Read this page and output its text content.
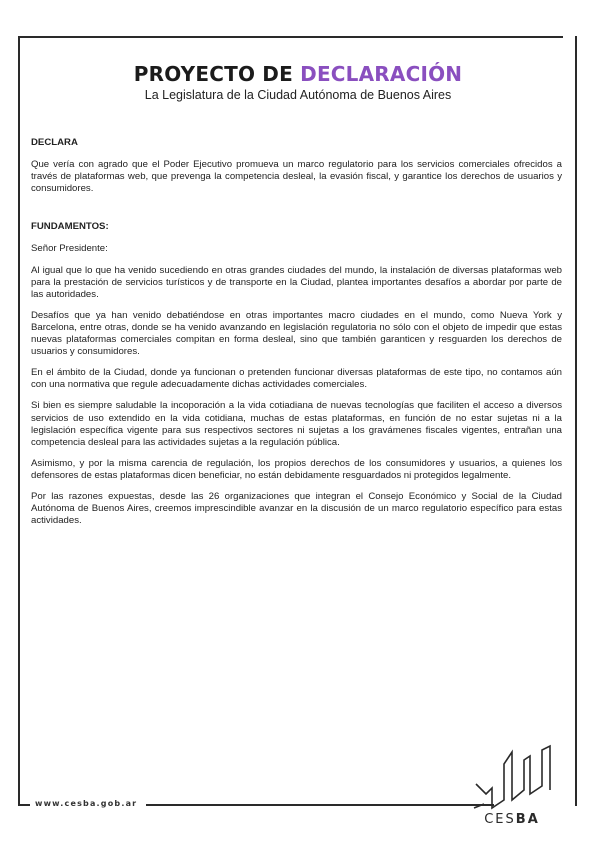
PROYECTO DE DECLARACIÓN
La Legislatura de la Ciudad Autónoma de Buenos Aires
DECLARA

Que vería con agrado que el Poder Ejecutivo promueva un marco regulatorio para los servicios comerciales ofrecidos a través de plataformas web, que prevenga la competencia desleal, la evasión fiscal, y garantice los derechos de usuarios y consumidores.

FUNDAMENTOS:

Señor Presidente:

Al igual que lo que ha venido sucediendo en otras grandes ciudades del mundo, la instalación de diversas plataformas web para la prestación de servicios turísticos y de transporte en la Ciudad, plantea importantes desafíos a abordar por parte de las autoridades.

Desafíos que ya han venido debatiéndose en otras importantes macro ciudades en el mundo, como Nueva York y Barcelona, entre otras, donde se ha venido avanzando en legislación regulatoria no sólo con el objeto de impedir que estas nuevas plataformas comerciales compitan en forma desleal, sino que también garanticen y resguarden los derechos de usuarios y consumidores.

En el ámbito de la Ciudad, donde ya funcionan o pretenden funcionar diversas plataformas de este tipo, no contamos aún con una normativa que regule adecuadamente dichas actividades comerciales.

Si bien es siempre saludable la incoporación a la vida cotiadiana de nuevas tecnologías que faciliten el acceso a diversos servicios de uso extendido en la vida cotidiana, muchas de estas plataformas, en función de no estar sujetas ni a la legislación específica vigente para sus respectivos sectores ni sujetas a los gravámenes fiscales vigentes, entrañan una competencia desleal para las actividades sujetas a la regulación pública.

Asimismo, y por la misma carencia de regulación, los propios derechos de los consumidores y usuarios, a quienes los defensores de estas plataformas dicen beneficiar, no están debidamente resguardados ni protegidos legalmente.

Por las razones expuestas, desde las 26 organizaciones que integran el Consejo Económico y Social de la Ciudad Autónoma de Buenos Aires, creemos imprescindible avanzar en la discusión de un marco regulatorio específico para estas actividades.

www.cesba.gob.ar
CESBA
